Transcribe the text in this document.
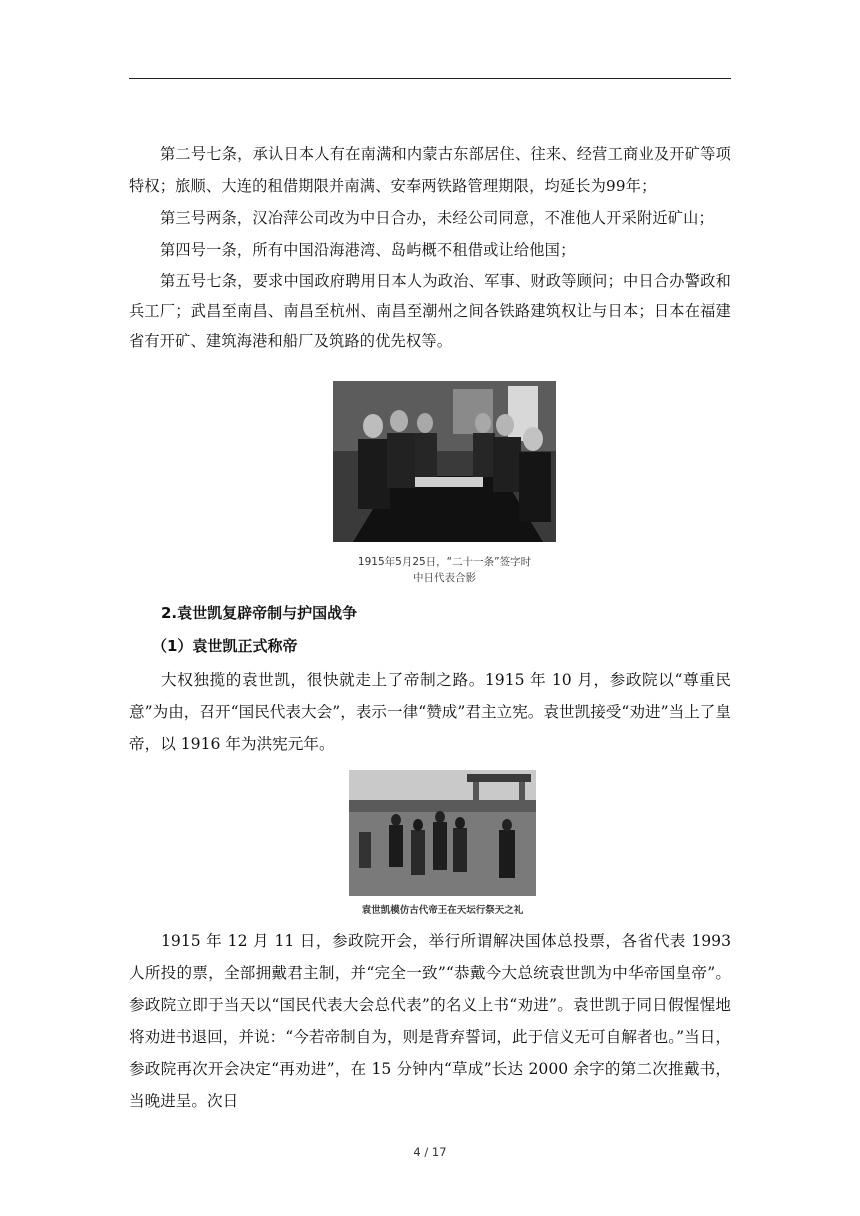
第二号七条，承认日本人有在南满和内蒙古东部居住、往来、经营工商业及开矿等项特权；旅顺、大连的租借期限并南满、安奉两铁路管理期限，均延长为99年；

第三号两条，汉冶萍公司改为中日合办，未经公司同意，不准他人开采附近矿山；

第四号一条，所有中国沿海港湾、岛屿概不租借或让给他国；

第五号七条，要求中国政府聘用日本人为政治、军事、财政等顾问；中日合办警政和兵工厂；武昌至南昌、南昌至杭州、南昌至潮州之间各铁路建筑权让与日本；日本在福建省有开矿、建筑海港和船厂及筑路的优先权等。

1915年5月25日，“二十一条”签字时

中日代表合影

2.袁世凯复辟帝制与护国战争
（1）袁世凯正式称帝

大权独揽的袁世凯，很快就走上了帝制之路。1915 年 10 月，参政院以“尊重民意”为由，召开“国民代表大会”，表示一律“赞成”君主立宪。袁世凯接受“劝进”当上了皇帝，以 1916 年为洪宪元年。

袁世凯模仿古代帝王在天坛行祭天之礼

1915 年 12 月 11 日，参政院开会，举行所谓解决国体总投票，各省代表 1993 人所投的票，全部拥戴君主制，并“完全一致”“恭戴今大总统袁世凯为中华帝国皇帝”。参政院立即于当天以“国民代表大会总代表”的名义上书“劝进”。袁世凯于同日假惺惺地将劝进书退回，并说：“今若帝制自为，则是背弃誓词，此于信义无可自解者也。”当日，参政院再次开会决定“再劝进”，在 15 分钟内“草成”长达 2000 余字的第二次推戴书，当晚进呈。次日

4 / 17
